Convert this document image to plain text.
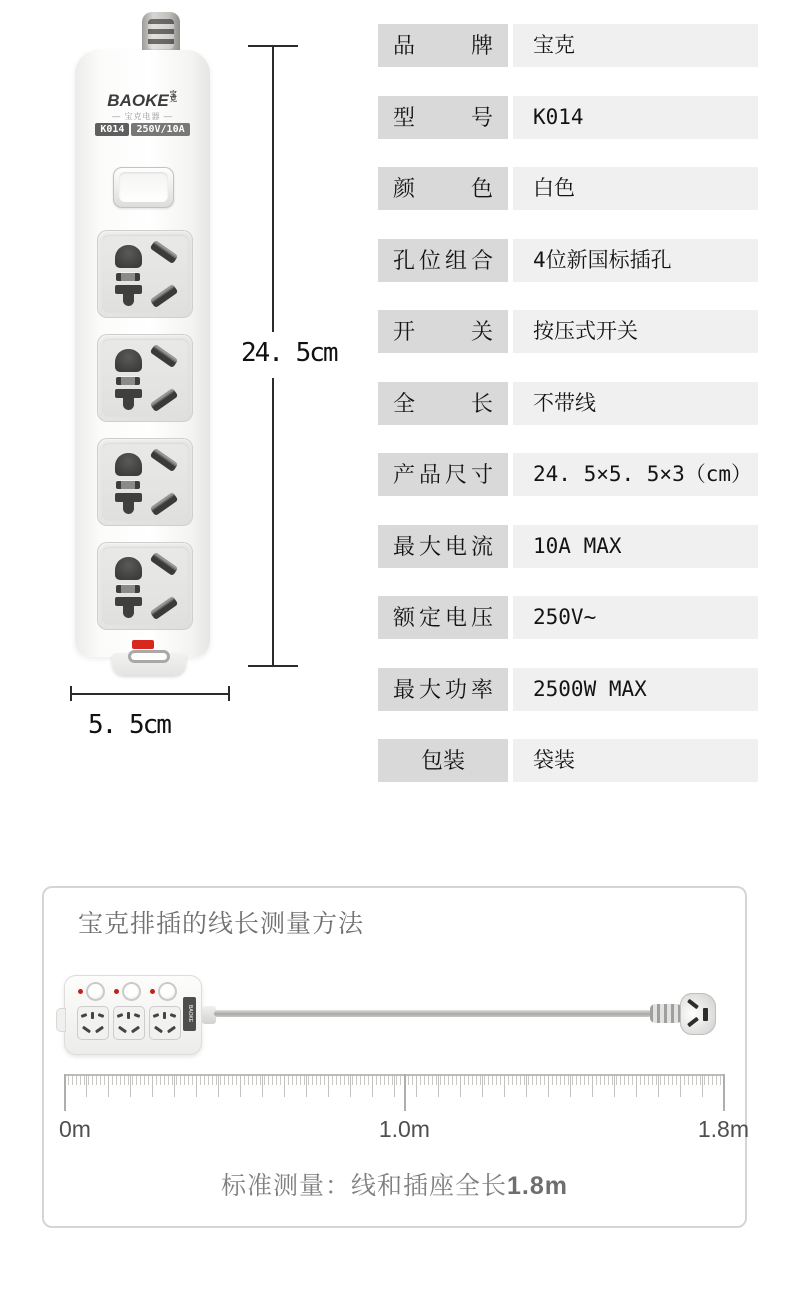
BAOKE宝克
— 宝克电器 —
K014	250V/10A
24. 5cm
5. 5cm
品牌	宝克
型号	K014
颜色	白色
孔位组合	4位新国标插孔
开关	按压式开关
全长	不带线
产品尺寸	24. 5×5. 5×3（cm）
最大电流	10A MAX
额定电压	250V~
最大功率	2500W MAX
包装	袋装
宝克排插的线长测量方法
BAOKE
0m	1.0m	1.8m
标准测量：线和插座全长1.8m
